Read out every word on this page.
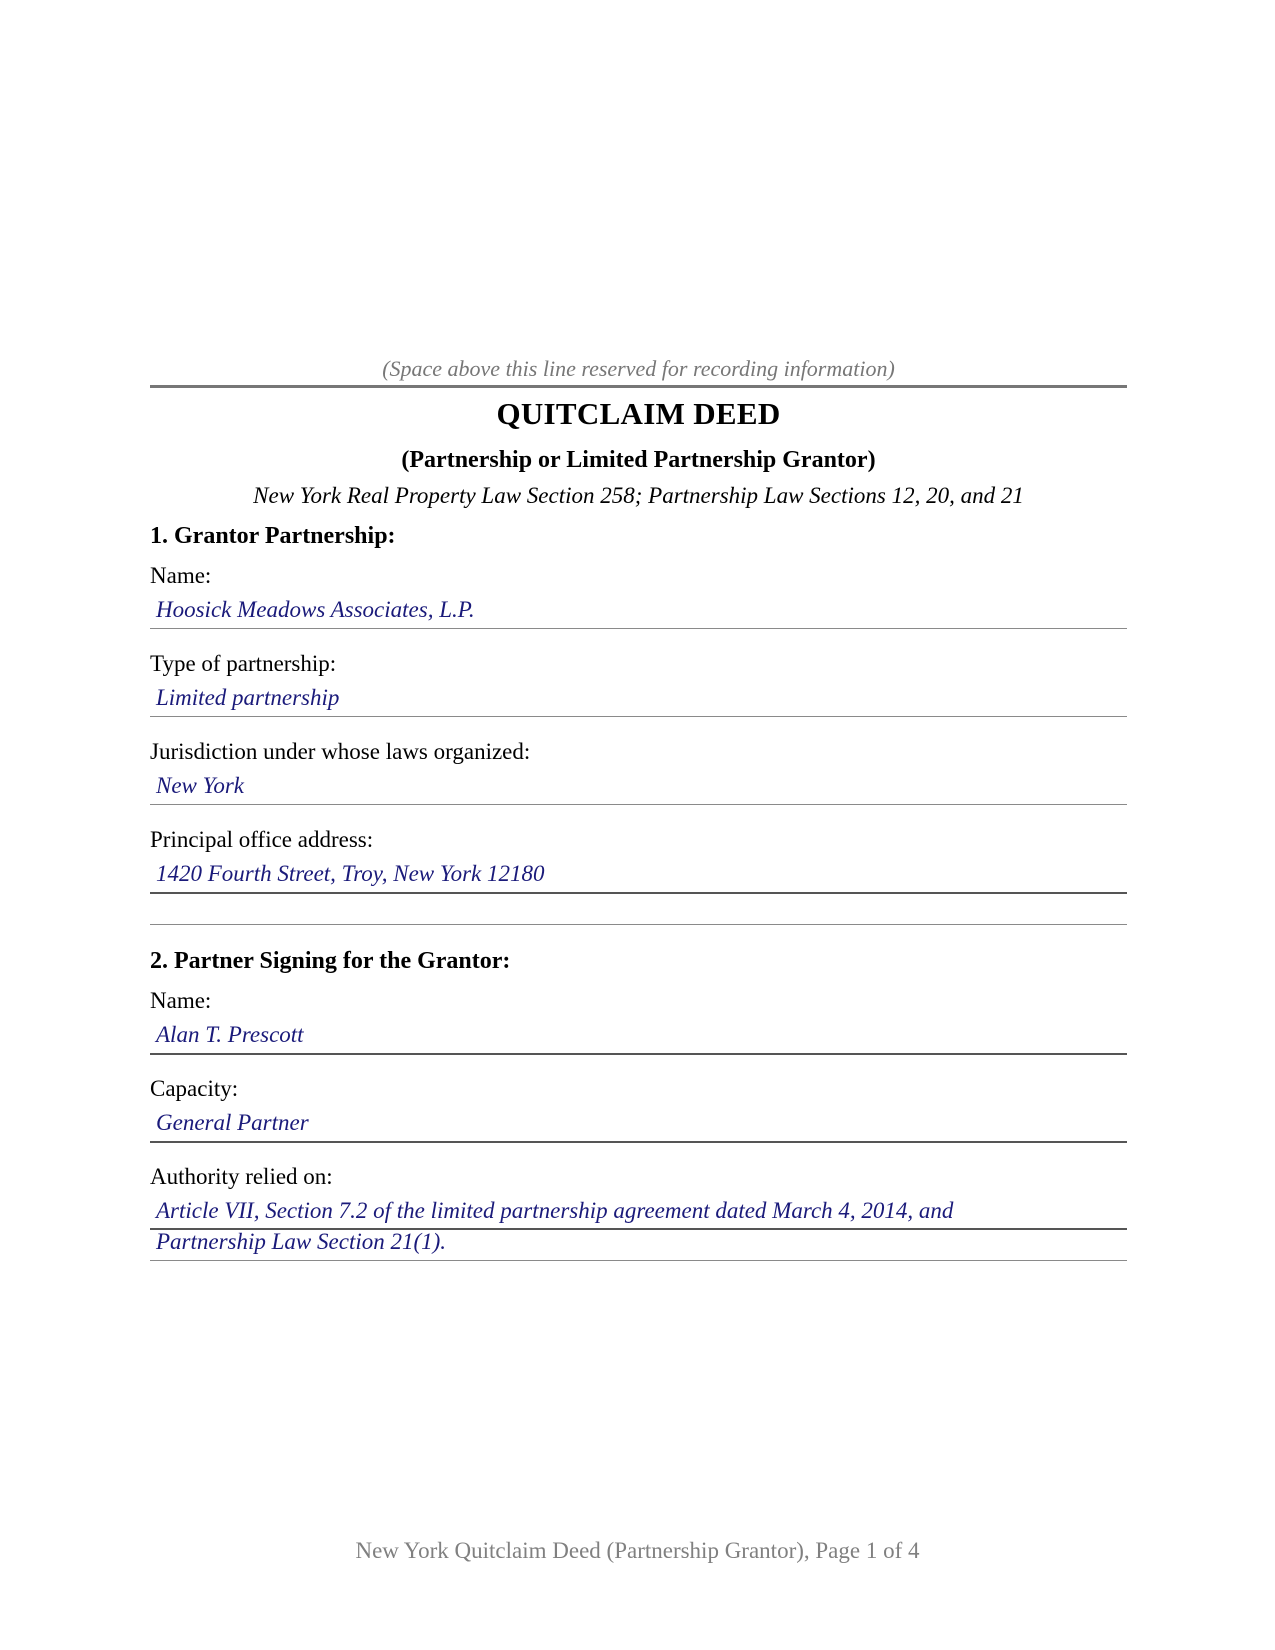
(Space above this line reserved for recording information)
QUITCLAIM DEED
(Partnership or Limited Partnership Grantor)
New York Real Property Law Section 258; Partnership Law Sections 12, 20, and 21
1. Grantor Partnership:
Name:
Hoosick Meadows Associates, L.P.
Type of partnership:
Limited partnership
Jurisdiction under whose laws organized:
New York
Principal office address:
1420 Fourth Street, Troy, New York 12180
2. Partner Signing for the Grantor:
Name:
Alan T. Prescott
Capacity:
General Partner
Authority relied on:
Article VII, Section 7.2 of the limited partnership agreement dated March 4, 2014, and
Partnership Law Section 21(1).
New York Quitclaim Deed (Partnership Grantor), Page 1 of 4
